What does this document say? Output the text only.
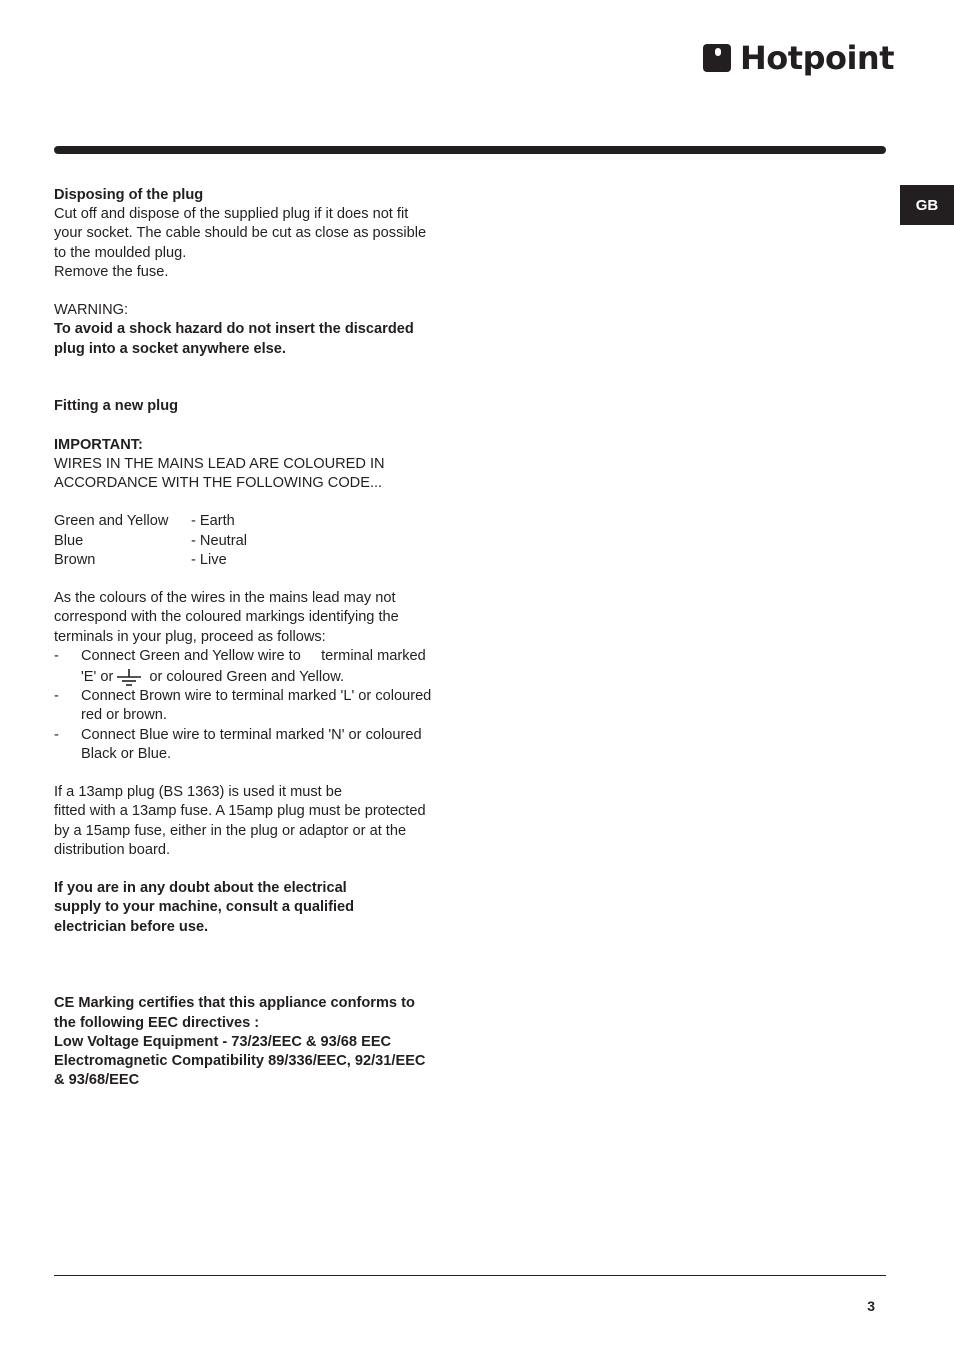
Hotpoint
GB

Disposing of the plug

Cut off and dispose of the supplied plug if it does not fit

your socket. The cable should be cut as close as possible

to the moulded plug.

Remove the fuse.

WARNING:

To avoid a shock hazard do not insert the discarded

plug into a socket anywhere else.

Fitting a new plug

IMPORTANT:

WIRES IN THE MAINS LEAD ARE COLOURED IN

ACCORDANCE WITH THE FOLLOWING CODE...

Green and Yellow	- Earth
Blue	- Neutral
Brown	- Live

As the colours of the wires in the mains lead may not

correspond with the coloured markings identifying the

terminals in your plug, proceed as follows:

-	Connect Green and Yellow wire to     terminal marked

'E' or or coloured Green and Yellow.

-	Connect Brown wire to terminal marked 'L' or coloured

red or brown.

-	Connect Blue wire to terminal marked 'N' or coloured

Black or Blue.

If a 13amp plug (BS 1363) is used it must be

fitted with a 13amp fuse. A 15amp plug must be protected

by a 15amp fuse, either in the plug or adaptor or at the

distribution board.

If you are in any doubt about the electrical

supply to your machine, consult a qualified

electrician before use.

CE Marking certifies that this appliance conforms to

the following EEC directives :

Low Voltage Equipment - 73/23/EEC & 93/68 EEC

Electromagnetic Compatibility 89/336/EEC, 92/31/EEC

& 93/68/EEC

3
